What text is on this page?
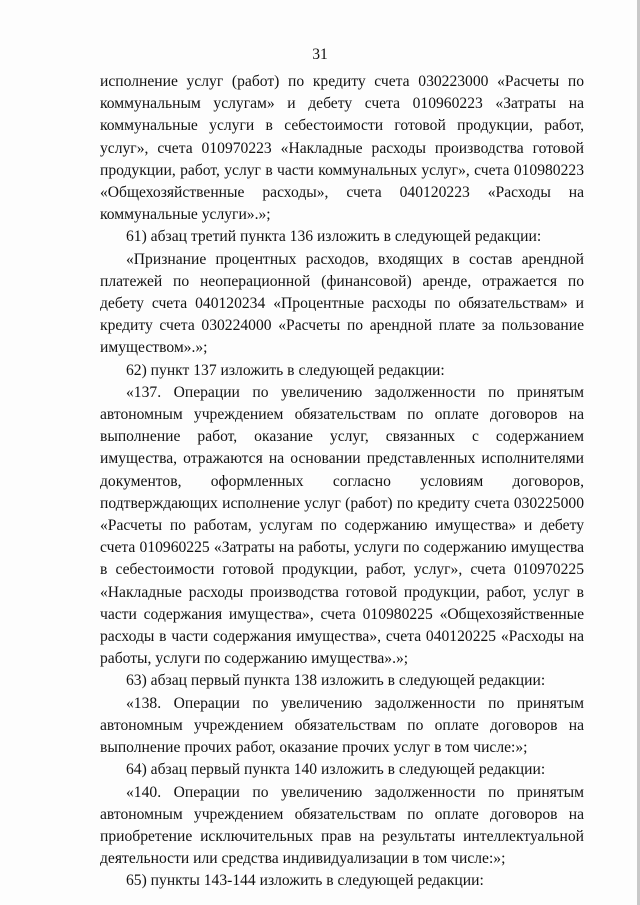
31

исполнение услуг (работ) по кредиту счета 030223000 «Расчеты по коммунальным услугам» и дебету счета 010960223 «Затраты на коммунальные услуги в себестоимости готовой продукции, работ, услуг», счета 010970223 «Накладные расходы производства готовой продукции, работ, услуг в части коммунальных услуг», счета 010980223 «Общехозяйственные расходы», счета 040120223 «Расходы на коммунальные услуги».»;

61) абзац третий пункта 136 изложить в следующей редакции:

«Признание процентных расходов, входящих в состав арендной платежей по неоперационной (финансовой) аренде, отражается по дебету счета 040120234 «Процентные расходы по обязательствам» и кредиту счета 030224000 «Расчеты по арендной плате за пользование имуществом».»;

62) пункт 137 изложить в следующей редакции:

«137. Операции по увеличению задолженности по принятым автономным учреждением обязательствам по оплате договоров на выполнение работ, оказание услуг, связанных с содержанием имущества, отражаются на основании представленных исполнителями документов, оформленных согласно условиям договоров, подтверждающих исполнение услуг (работ) по кредиту счета 030225000 «Расчеты по работам, услугам по содержанию имущества» и дебету счета 010960225 «Затраты на работы, услуги по содержанию имущества в себестоимости готовой продукции, работ, услуг», счета 010970225 «Накладные расходы производства готовой продукции, работ, услуг в части содержания имущества», счета 010980225 «Общехозяйственные расходы в части содержания имущества», счета 040120225 «Расходы на работы, услуги по содержанию имущества».»;

63) абзац первый пункта 138 изложить в следующей редакции:

«138. Операции по увеличению задолженности по принятым автономным учреждением обязательствам по оплате договоров на выполнение прочих работ, оказание прочих услуг в том числе:»;

64) абзац первый пункта 140 изложить в следующей редакции:

«140. Операции по увеличению задолженности по принятым автономным учреждением обязательствам по оплате договоров на приобретение исключительных прав на результаты интеллектуальной деятельности или средства индивидуализации в том числе:»;

65) пункты 143-144 изложить в следующей редакции:
